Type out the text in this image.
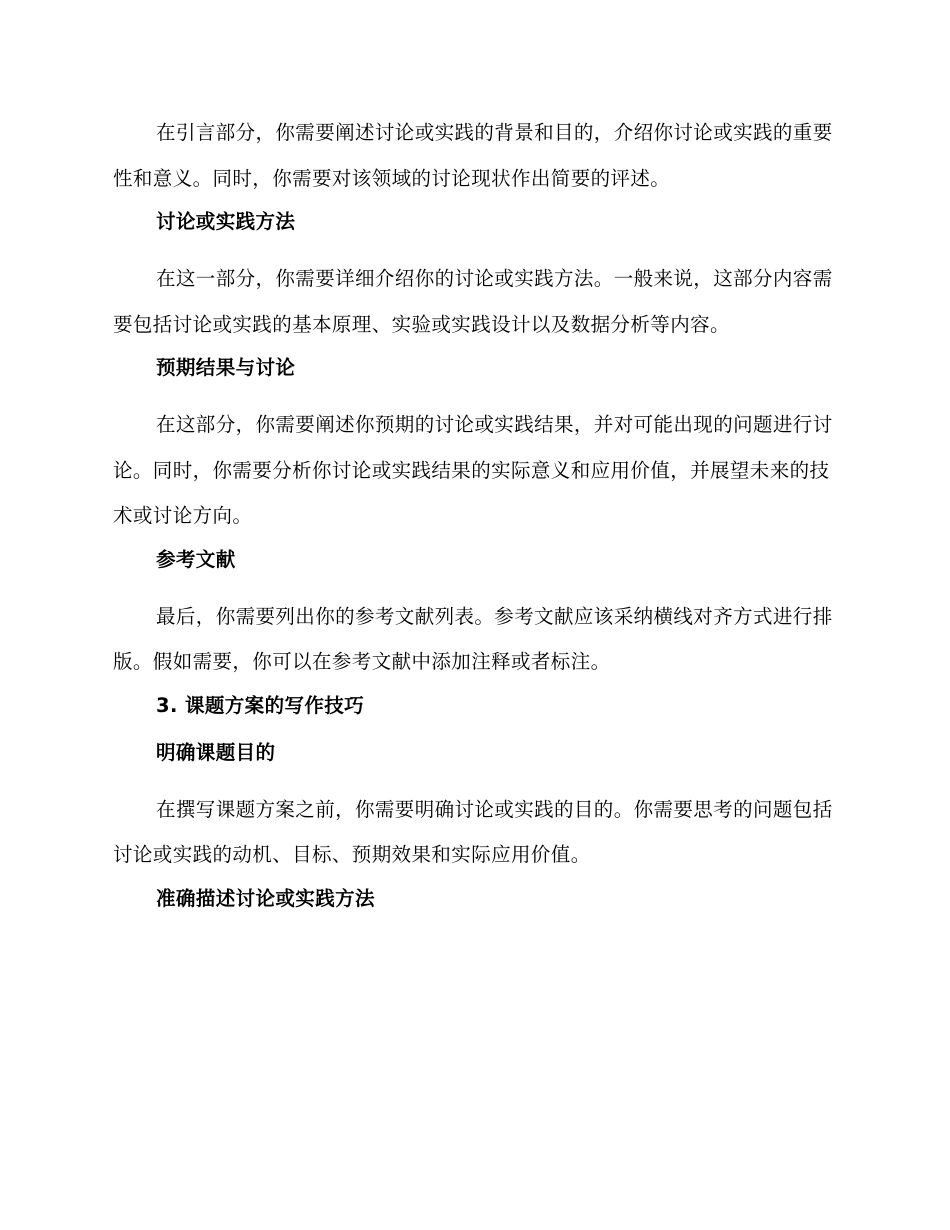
在引言部分，你需要阐述讨论或实践的背景和目的，介绍你讨论或实践的重要性和意义。同时，你需要对该领域的讨论现状作出简要的评述。

讨论或实践方法

在这一部分，你需要详细介绍你的讨论或实践方法。一般来说，这部分内容需要包括讨论或实践的基本原理、实验或实践设计以及数据分析等内容。

预期结果与讨论

在这部分，你需要阐述你预期的讨论或实践结果，并对可能出现的问题进行讨论。同时，你需要分析你讨论或实践结果的实际意义和应用价值，并展望未来的技术或讨论方向。

参考文献

最后，你需要列出你的参考文献列表。参考文献应该采纳横线对齐方式进行排版。假如需要，你可以在参考文献中添加注释或者标注。

3. 课题方案的写作技巧
明确课题目的

在撰写课题方案之前，你需要明确讨论或实践的目的。你需要思考的问题包括讨论或实践的动机、目标、预期效果和实际应用价值。

准确描述讨论或实践方法
